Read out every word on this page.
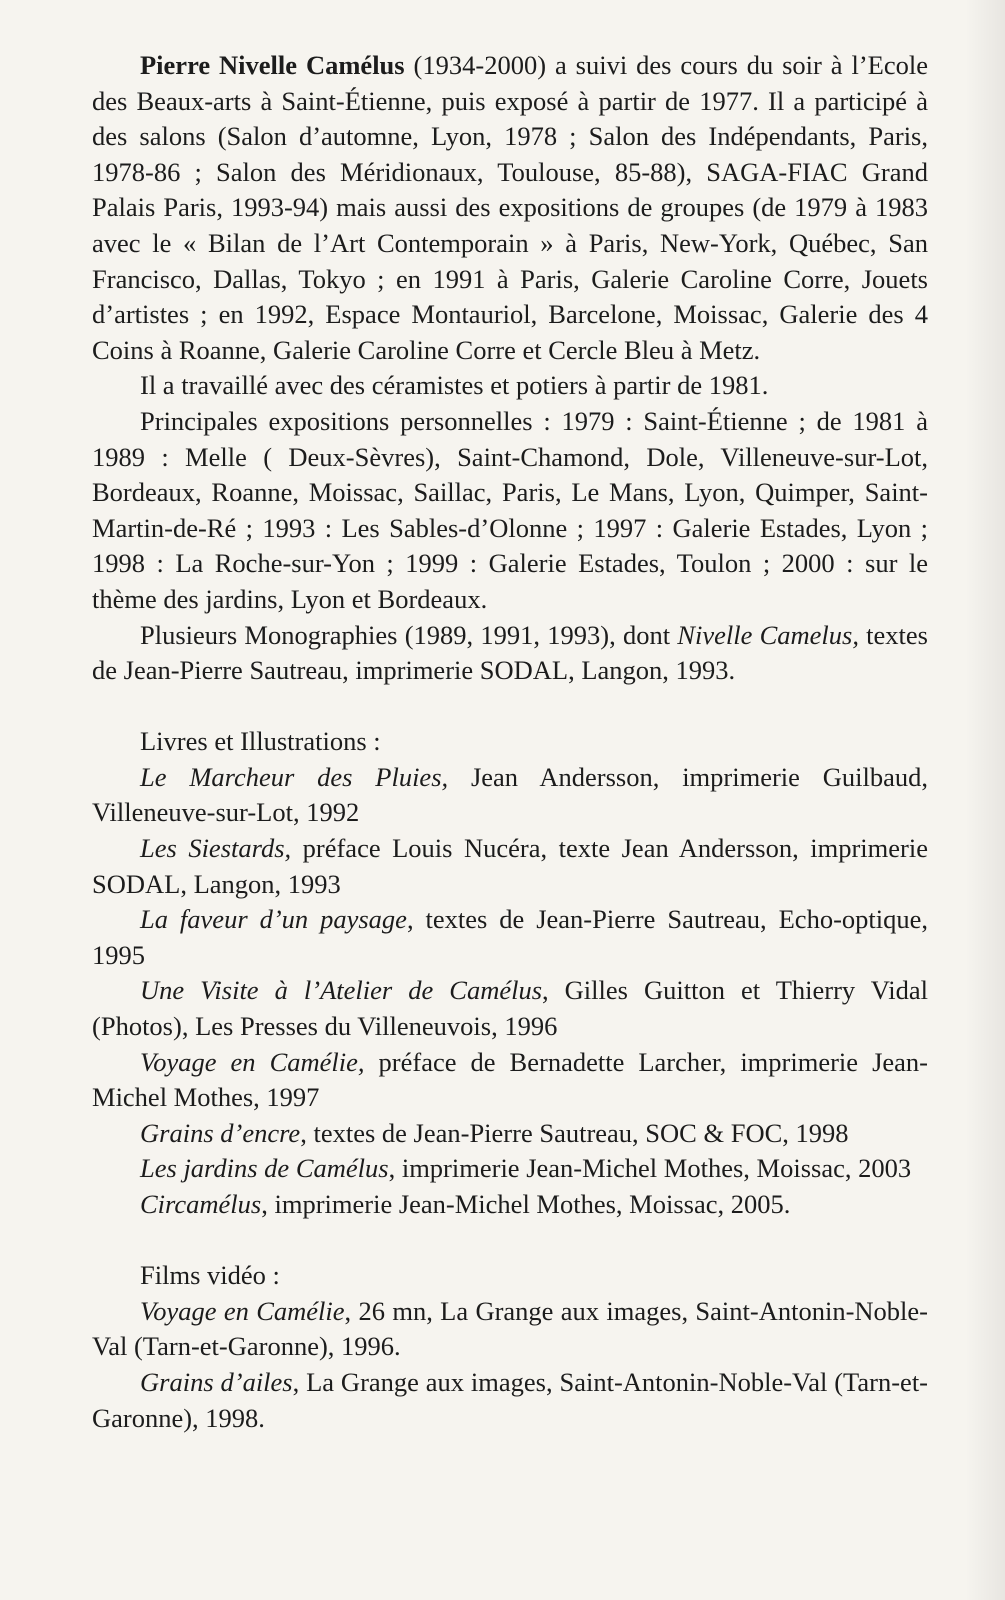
Pierre Nivelle Camélus (1934-2000) a suivi des cours du soir à l’Ecole des Beaux-arts à Saint-Étienne, puis exposé à partir de 1977. Il a participé à des salons (Salon d’automne, Lyon, 1978 ; Salon des Indépendants, Paris, 1978-86 ; Salon des Méridionaux, Toulouse, 85-88), SAGA-FIAC Grand Palais Paris, 1993-94) mais aussi des expositions de groupes (de 1979 à 1983 avec le « Bilan de l’Art Contemporain » à Paris, New-York, Québec, San Francisco, Dallas, Tokyo ; en 1991 à Paris, Galerie Caroline Corre, Jouets d’artistes ; en 1992, Espace Montauriol, Barcelone, Moissac, Galerie des 4 Coins à Roanne, Galerie Caroline Corre et Cercle Bleu à Metz.

Il a travaillé avec des céramistes et potiers à partir de 1981.

Principales expositions personnelles : 1979 : Saint-Étienne ; de 1981 à 1989 : Melle ( Deux-Sèvres), Saint-Chamond, Dole, Villeneuve-sur-Lot, Bordeaux, Roanne, Moissac, Saillac, Paris, Le Mans, Lyon, Quimper, Saint-Martin-de-Ré ; 1993 : Les Sables-d’Olonne ; 1997 : Galerie Estades, Lyon ; 1998 : La Roche-sur-Yon ; 1999 : Galerie Estades, Toulon ; 2000 : sur le thème des jardins, Lyon et Bordeaux.

Plusieurs Monographies (1989, 1991, 1993), dont Nivelle Camelus, textes de Jean-Pierre Sautreau, imprimerie SODAL, Langon, 1993.

Livres et Illustrations :

Le Marcheur des Pluies, Jean Andersson, imprimerie Guilbaud, Villeneuve-sur-Lot, 1992

Les Siestards, préface Louis Nucéra, texte Jean Andersson, imprimerie SODAL, Langon, 1993

La faveur d’un paysage, textes de Jean-Pierre Sautreau, Echo-optique, 1995

Une Visite à l’Atelier de Camélus, Gilles Guitton et Thierry Vidal (Photos), Les Presses du Villeneuvois, 1996

Voyage en Camélie, préface de Bernadette Larcher, imprimerie Jean-Michel Mothes, 1997

Grains d’encre, textes de Jean-Pierre Sautreau, SOC & FOC, 1998

Les jardins de Camélus, imprimerie Jean-Michel Mothes, Moissac, 2003

Circamélus, imprimerie Jean-Michel Mothes, Moissac, 2005.

Films vidéo :

Voyage en Camélie, 26 mn, La Grange aux images, Saint-Antonin-Noble-Val (Tarn-et-Garonne), 1996.

Grains d’ailes, La Grange aux images, Saint-Antonin-Noble-Val (Tarn-et-Garonne), 1998.
